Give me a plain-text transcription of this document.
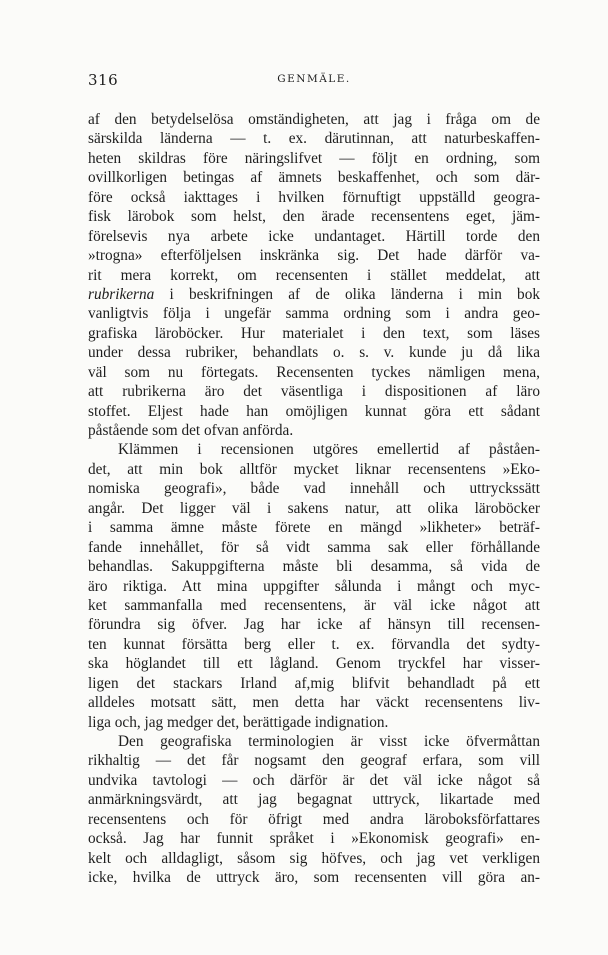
316	GENMÄLE.
af den betydelselösa omständigheten, att jag i fråga om de
särskilda länderna — t. ex. därutinnan, att naturbeskaffen-
heten skildras före näringslifvet — följt en ordning, som
ovillkorligen betingas af ämnets beskaffenhet, och som där-
före också iakttages i hvilken förnuftigt uppställd geogra-
fisk lärobok som helst, den ärade recensentens eget, jäm-
förelsevis nya arbete icke undantaget. Härtill torde den
»trogna» efterföljelsen inskränka sig. Det hade därför va-
rit mera korrekt, om recensenten i stället meddelat, att
rubrikerna i beskrifningen af de olika länderna i min bok
vanligtvis följa i ungefär samma ordning som i andra geo-
grafiska läroböcker. Hur materialet i den text, som läses
under dessa rubriker, behandlats o. s. v. kunde ju då lika
väl som nu förtegats. Recensenten tyckes nämligen mena,
att rubrikerna äro det väsentliga i dispositionen af läro
stoffet. Eljest hade han omöjligen kunnat göra ett sådant
påstående som det ofvan anförda.
Klämmen i recensionen utgöres emellertid af påståen-
det, att min bok alltför mycket liknar recensentens »Eko-
nomiska geografi», både vad innehåll och uttryckssätt
angår. Det ligger väl i sakens natur, att olika läroböcker
i samma ämne måste förete en mängd »likheter» beträf-
fande innehållet, för så vidt samma sak eller förhållande
behandlas. Sakuppgifterna måste bli desamma, så vida de
äro riktiga. Att mina uppgifter sålunda i mångt och myc-
ket sammanfalla med recensentens, är väl icke något att
förundra sig öfver. Jag har icke af hänsyn till recensen-
ten kunnat försätta berg eller t. ex. förvandla det sydty-
ska höglandet till ett lågland. Genom tryckfel har visser-
ligen det stackars Irland af,mig blifvit behandladt på ett
alldeles motsatt sätt, men detta har väckt recensentens liv-
liga och, jag medger det, berättigade indignation.
Den geografiska terminologien är visst icke öfvermåttan
rikhaltig — det får nogsamt den geograf erfara, som vill
undvika tavtologi — och därför är det väl icke något så
anmärkningsvärdt, att jag begagnat uttryck, likartade med
recensentens och för öfrigt med andra läroboksförfattares
också. Jag har funnit språket i »Ekonomisk geografi» en-
kelt och alldagligt, såsom sig höfves, och jag vet verkligen
icke, hvilka de uttryck äro, som recensenten vill göra an-
